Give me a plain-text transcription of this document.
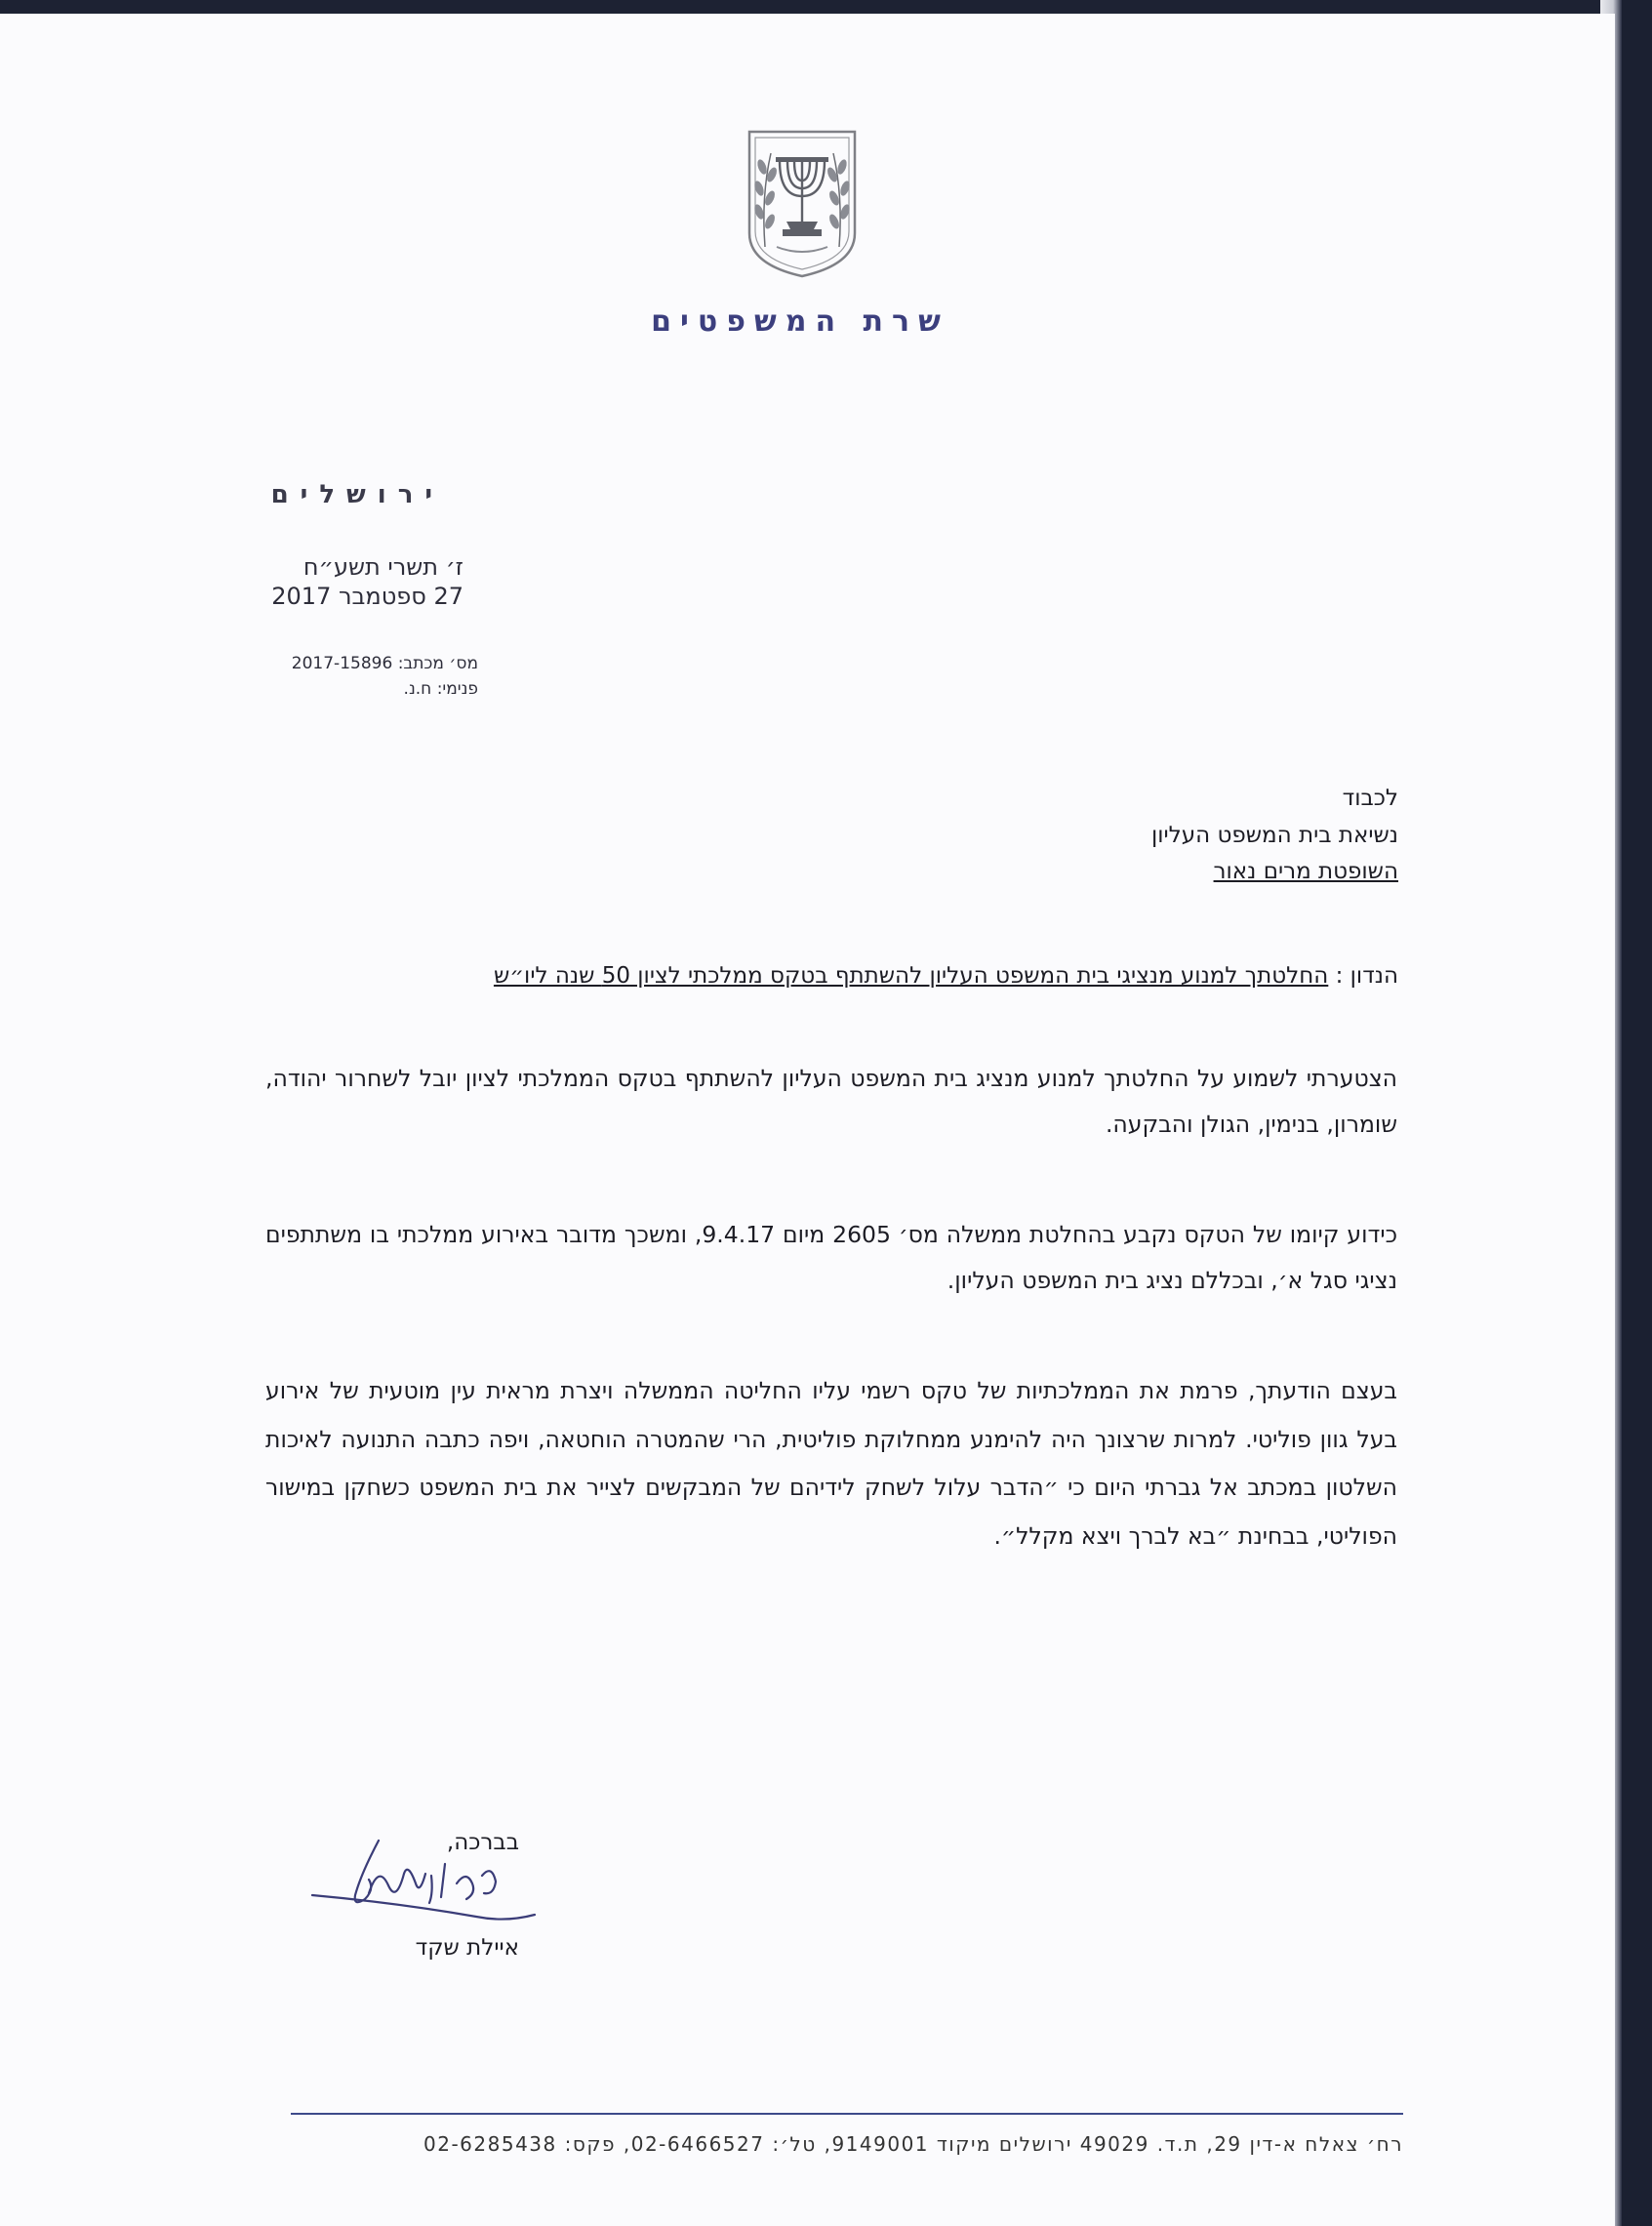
שרת המשפטים
ירושלים
ז׳ תשרי תשע״ח
27 ספטמבר 2017
מס׳ מכתב: 2017-15896
פנימי: ח.נ.
לכבוד
נשיאת בית המשפט העליון
השופטת מרים נאור
הנדון : החלטתך למנוע מנציגי בית המשפט העליון להשתתף בטקס ממלכתי לציון 50 שנה ליו״ש
הצטערתי לשמוע על החלטתך למנוע מנציג בית המשפט העליון להשתתף בטקס הממלכתי לציון יובל לשחרור יהודה, שומרון, בנימין, הגולן והבקעה.
כידוע קיומו של הטקס נקבע בהחלטת ממשלה מס׳ 2605 מיום 9.4.17, ומשכך מדובר באירוע ממלכתי בו משתתפים נציגי סגל א׳, ובכללם נציג בית המשפט העליון.
בעצם הודעתך, פרמת את הממלכתיות של טקס רשמי עליו החליטה הממשלה ויצרת מראית עין מוטעית של אירוע בעל גוון פוליטי. למרות שרצונך היה להימנע ממחלוקת פוליטית, הרי שהמטרה הוחטאה, ויפה כתבה התנועה לאיכות השלטון במכתב אל גברתי היום כי ״הדבר עלול לשחק לידיהם של המבקשים לצייר את בית המשפט כשחקן במישור הפוליטי, בבחינת ״בא לברך ויצא מקלל״.
בברכה,
איילת שקד
רח׳ צאלח א-דין 29, ת.ד. 49029 ירושלים מיקוד 9149001, טל׳: 02-6466527, פקס: 02-6285438
